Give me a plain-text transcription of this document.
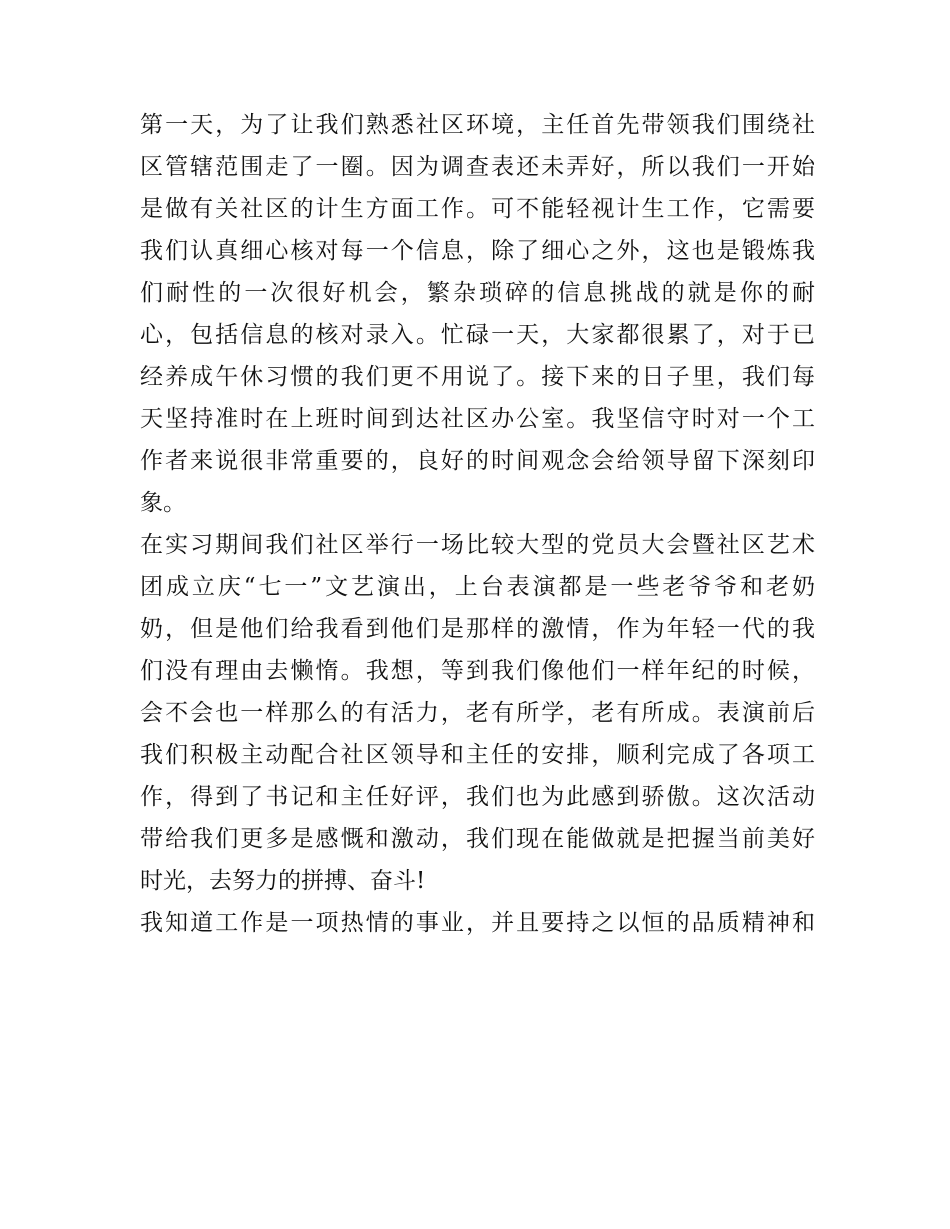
第一天，为了让我们熟悉社区环境，主任首先带领我们围绕社
区管辖范围走了一圈。因为调查表还未弄好，所以我们一开始
是做有关社区的计生方面工作。可不能轻视计生工作，它需要
我们认真细心核对每一个信息，除了细心之外，这也是锻炼我
们耐性的一次很好机会，繁杂琐碎的信息挑战的就是你的耐
心，包括信息的核对录入。忙碌一天，大家都很累了，对于已
经养成午休习惯的我们更不用说了。接下来的日子里，我们每
天坚持准时在上班时间到达社区办公室。我坚信守时对一个工
作者来说很非常重要的，良好的时间观念会给领导留下深刻印
象。
在实习期间我们社区举行一场比较大型的党员大会暨社区艺术
团成立庆“七一”文艺演出，上台表演都是一些老爷爷和老奶
奶，但是他们给我看到他们是那样的激情，作为年轻一代的我
们没有理由去懒惰。我想，等到我们像他们一样年纪的时候，
会不会也一样那么的有活力，老有所学，老有所成。表演前后
我们积极主动配合社区领导和主任的安排，顺利完成了各项工
作，得到了书记和主任好评，我们也为此感到骄傲。这次活动
带给我们更多是感慨和激动，我们现在能做就是把握当前美好
时光，去努力的拼搏、奋斗!
我知道工作是一项热情的事业，并且要持之以恒的品质精神和
